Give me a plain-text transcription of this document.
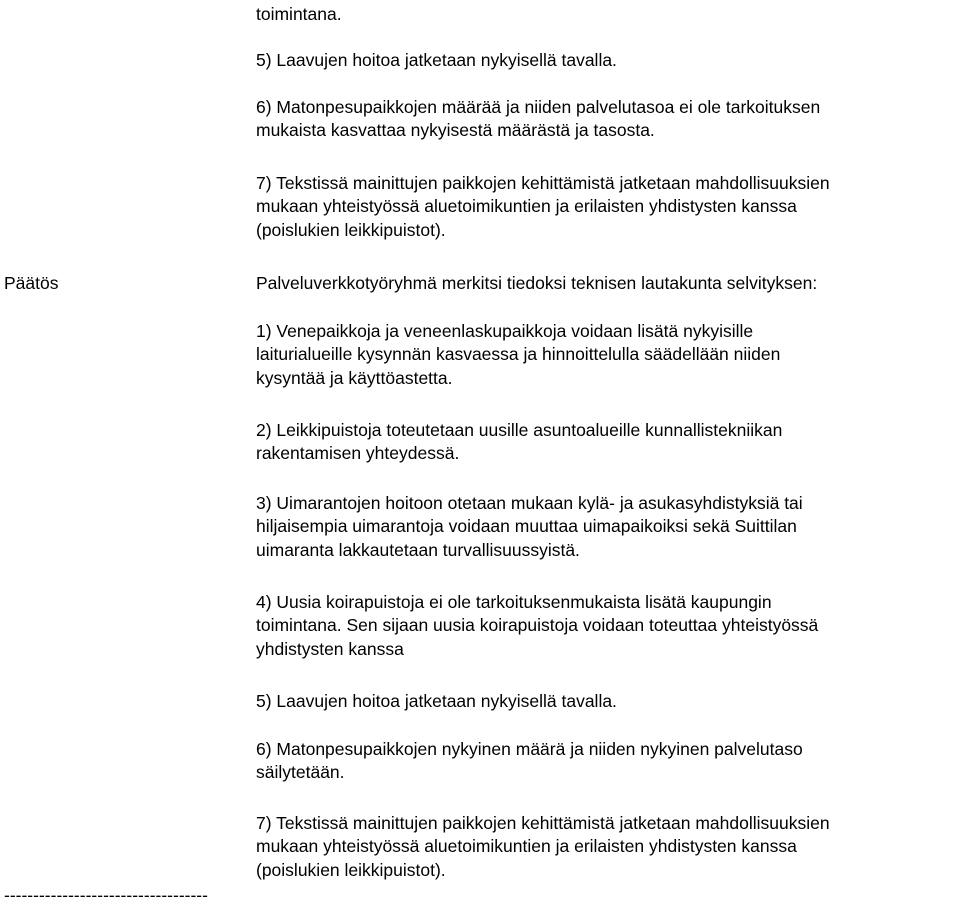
toimintana.

5) Laavujen hoitoa jatketaan nykyisellä tavalla.

6) Matonpesupaikkojen määrää ja niiden palvelutasoa ei ole tarkoituksen
mukaista kasvattaa nykyisestä määrästä ja tasosta.

7) Tekstissä mainittujen paikkojen kehittämistä jatketaan mahdollisuuksien
mukaan yhteistyössä aluetoimikuntien ja erilaisten yhdistysten kanssa
(poislukien leikkipuistot).

Päätös	Palveluverkkotyöryhmä merkitsi tiedoksi teknisen lautakunta selvityksen:

1) Venepaikkoja ja veneenlaskupaikkoja voidaan lisätä nykyisille
laiturialueille kysynnän kasvaessa ja hinnoittelulla säädellään niiden
kysyntää ja käyttöastetta.

2) Leikkipuistoja toteutetaan uusille asuntoalueille kunnallistekniikan
rakentamisen yhteydessä.

3) Uimarantojen hoitoon otetaan mukaan kylä- ja asukasyhdistyksiä tai
hiljaisempia uimarantoja voidaan muuttaa uimapaikoiksi sekä Suittilan
uimaranta lakkautetaan turvallisuussyistä.

4) Uusia koirapuistoja ei ole tarkoituksenmukaista lisätä kaupungin
toimintana. Sen sijaan uusia koirapuistoja voidaan toteuttaa yhteistyössä
yhdistysten kanssa

5) Laavujen hoitoa jatketaan nykyisellä tavalla.

6) Matonpesupaikkojen nykyinen määrä ja niiden nykyinen palvelutaso
säilytetään.

7) Tekstissä mainittujen paikkojen kehittämistä jatketaan mahdollisuuksien
mukaan yhteistyössä aluetoimikuntien ja erilaisten yhdistysten kanssa
(poislukien leikkipuistot).

-----------------------------------
